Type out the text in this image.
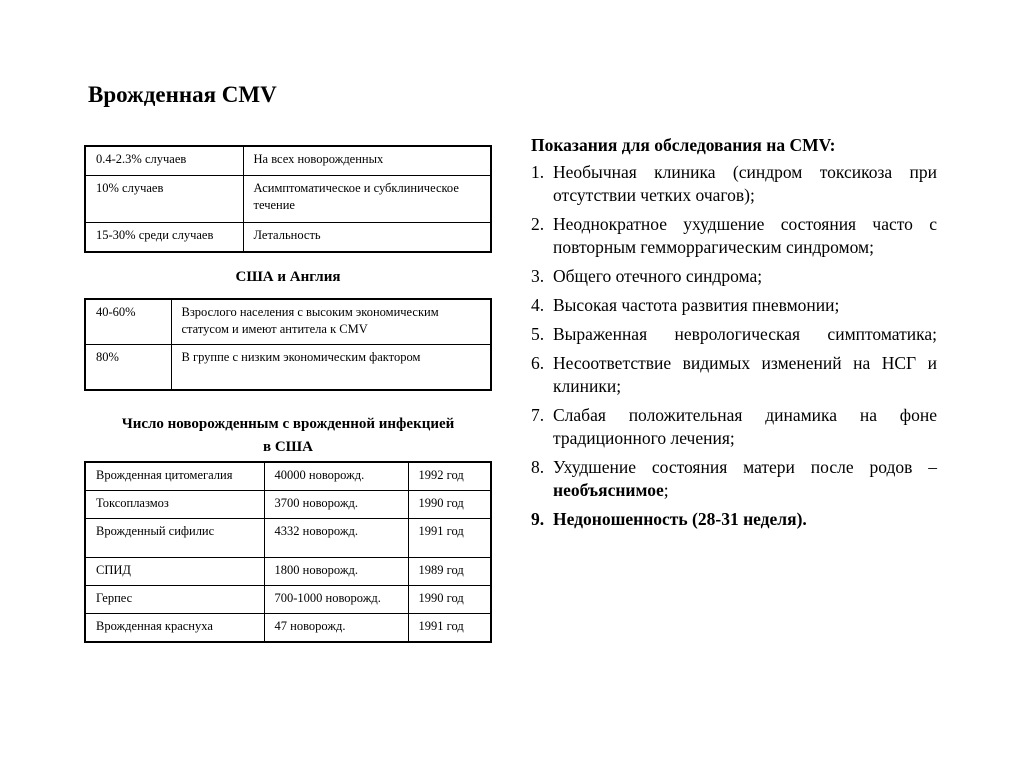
Врожденная CMV
0.4-2.3% случаев	На всех новорожденных
10% случаев	Асимптоматическое и субклиническое течение
15-30% среди случаев	Летальность

США и Англия

40-60%	Взрослого населения с высоким экономическим статусом и имеют антитела к CMV
80%	В группе с низким экономическим фактором

Число новорожденным с врожденной инфекцией
в США

Врожденная цитомегалия	40000 новорожд.	1992 год
Токсоплазмоз	3700 новорожд.	1990 год
Врожденный сифилис	4332 новорожд.	1991 год
СПИД	1800 новорожд.	1989 год
Герпес	700-1000 новорожд.	1990 год
Врожденная краснуха	47 новорожд.	1991 год

Показания для обследования на CMV:

1. Необычная клиника (синдром токсикоза при отсутствии четких очагов);
2. Неоднократное ухудшение состояния часто с повторным гемморрагическим синдромом;
3. Общего отечного синдрома;
4. Высокая частота развития пневмонии;
5. Выраженная неврологическая симптоматика;
6. Несоответствие видимых изменений на НСГ и клиники;
7. Слабая положительная динамика на фоне традиционного лечения;
8. Ухудшение состояния матери после родов – необъяснимое;
9. Недоношенность (28-31 неделя).
